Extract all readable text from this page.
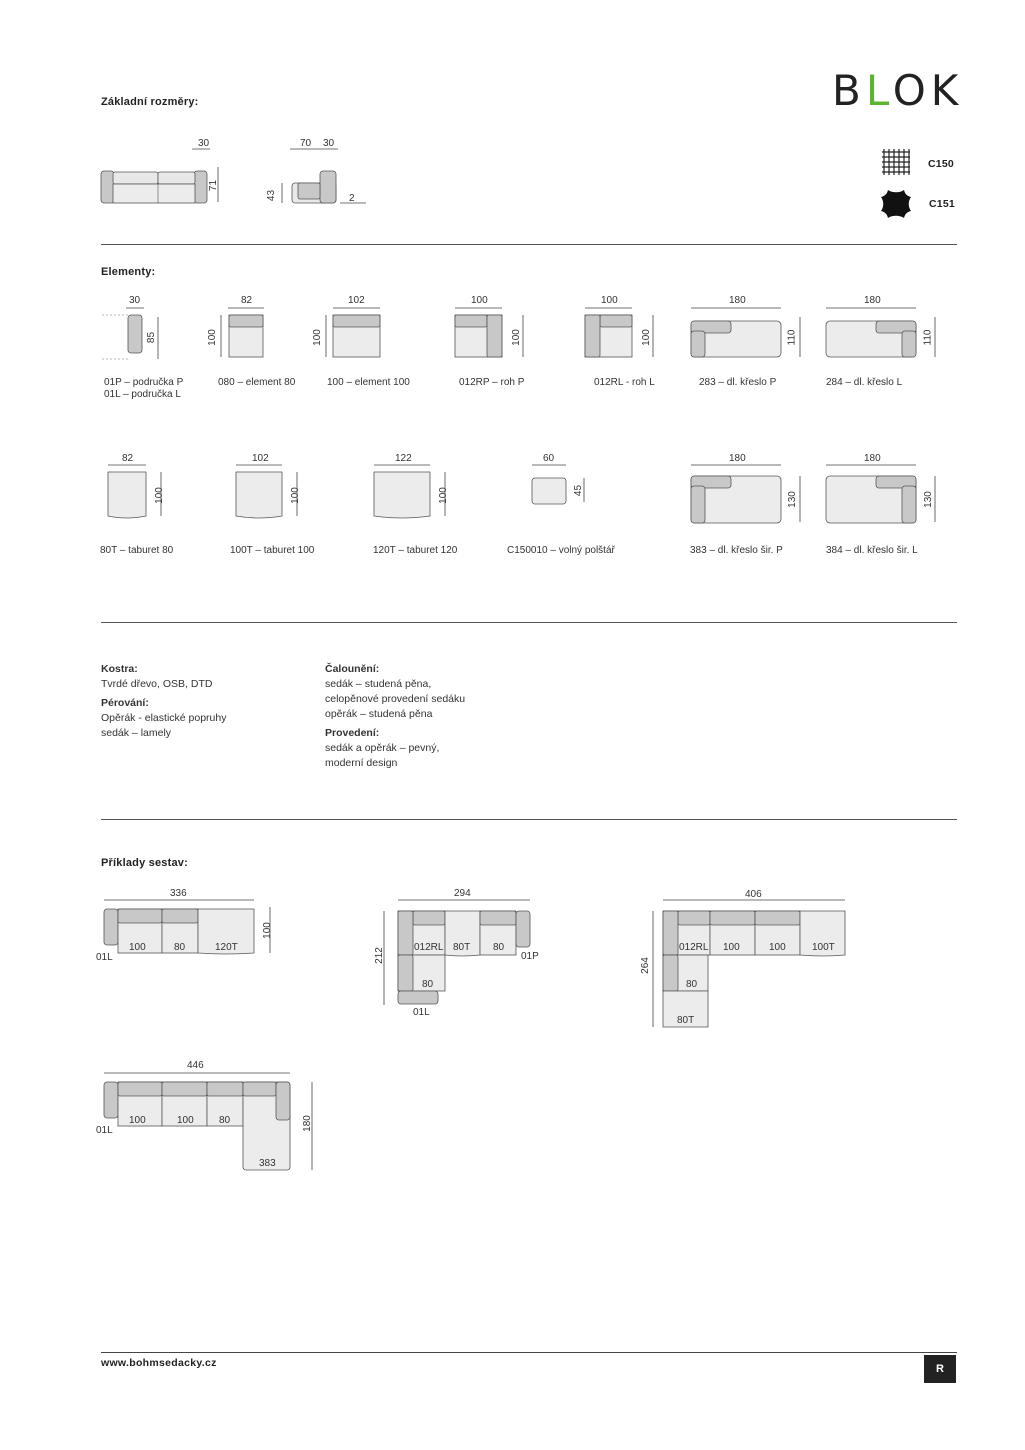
BLOK
Základní rozměry:
30
71
70 30
43	2
C150
C151
Elementy:
30
85
01P – područka P
01L – područka L
82
100
080 – element 80
102
100
100 – element 100
100
100
012RP – roh P
100
100
012RL - roh L
180
110
283 – dl. křeslo P
180
110
284 – dl. křeslo L
82
100
80T – taburet 80
102
100
100T – taburet 100
122
100
120T – taburet 120
60
45
C150010 – volný polštář
180
130
383 – dl. křeslo šir. P
180
130
384 – dl. křeslo šir. L
Kostra:
Tvrdé dřevo, OSB, DTD
Pérování:
Opěrák - elastické popruhy
sedák – lamely
Čalounění:
sedák – studená pěna,
celopěnové provedení sedáku
opěrák – studená pěna
Provedení:
sedák a opěrák – pevný,
moderní design
Příklady sestav:
336
100
01L
100	80	120T
294
212	012RL 80T 80
01P
80
01L
406
264
012RL 100	100	100T
80
80T
446
180
01L
100	100	80
383
www.bohmsedacky.cz	R
